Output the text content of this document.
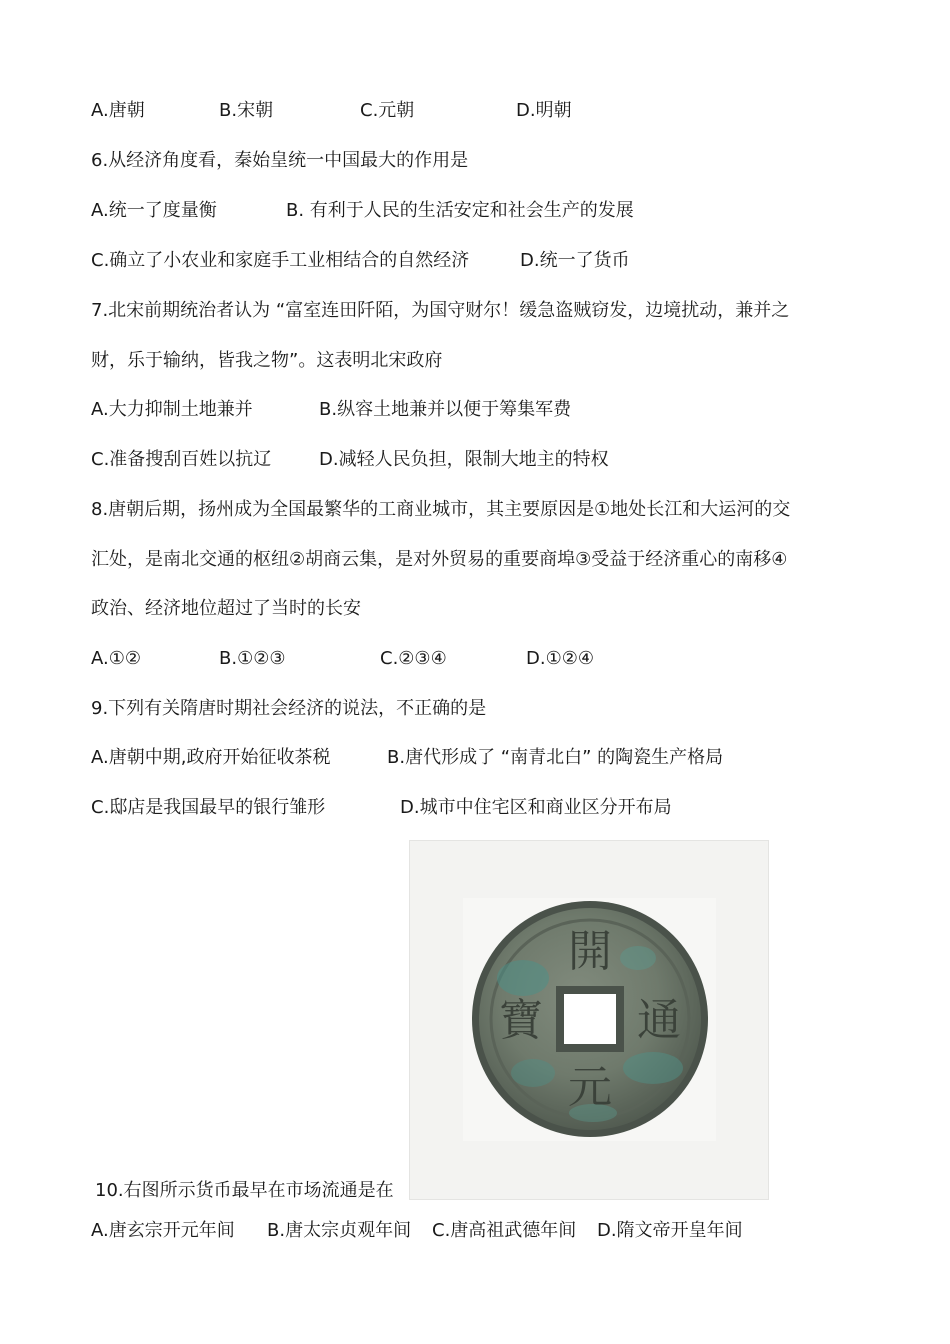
A.唐朝	B.宋朝	C.元朝	D.明朝
6.从经济角度看，秦始皇统一中国最大的作用是
A.统一了度量衡	B. 有利于人民的生活安定和社会生产的发展
C.确立了小农业和家庭手工业相结合的自然经济	D.统一了货币
7.北宋前期统治者认为 “富室连田阡陌，为国守财尔！缓急盗贼窃发，边境扰动，兼并之
财，乐于输纳，皆我之物”。这表明北宋政府
A.大力抑制土地兼并	B.纵容土地兼并以便于筹集军费
C.准备搜刮百姓以抗辽	D.减轻人民负担，限制大地主的特权
8.唐朝后期，扬州成为全国最繁华的工商业城市，其主要原因是①地处长江和大运河的交
汇处，是南北交通的枢纽②胡商云集，是对外贸易的重要商埠③受益于经济重心的南移④
政治、经济地位超过了当时的长安
A.①②	B.①②③	C.②③④	D.①②④
9.下列有关隋唐时期社会经济的说法，不正确的是
A.唐朝中期,政府开始征收茶税	B.唐代形成了 “南青北白” 的陶瓷生产格局
C.邸店是我国最早的银行雏形	D.城市中住宅区和商业区分开布局
開
元
通
寶
10.右图所示货币最早在市场流通是在
A.唐玄宗开元年间 B.唐太宗贞观年间 C.唐高祖武德年间 D.隋文帝开皇年间
